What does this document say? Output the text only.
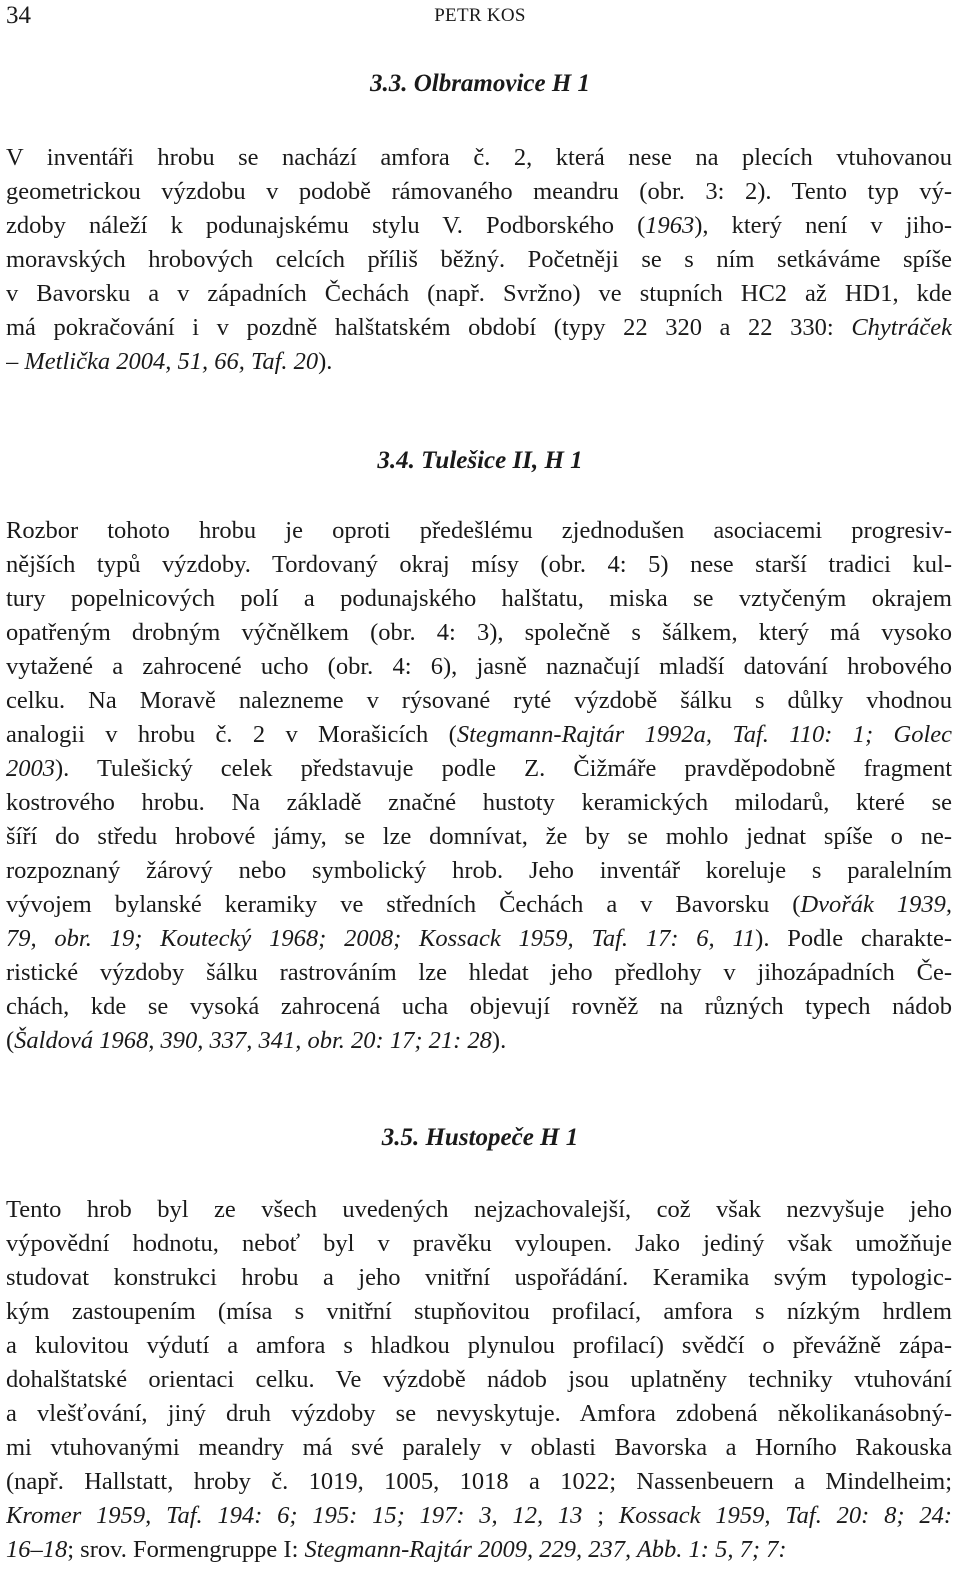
34	PETR KOS
3.3. Olbramovice H 1
V inventáři hrobu se nachází amfora č. 2, která nese na plecích vtuhovanou
geometrickou výzdobu v podobě rámovaného meandru (obr. 3: 2). Tento typ vý-
zdoby náleží k podunajskému stylu V. Podborského (1963), který není v jiho-
moravských hrobových celcích příliš běžný. Početněji se s ním setkáváme spíše
v Bavorsku a v západních Čechách (např. Svržno) ve stupních HC2 až HD1, kde
má pokračování i v pozdně halštatském období (typy 22 320 a 22 330: Chytráček
– Metlička 2004, 51, 66, Taf. 20).
3.4. Tulešice II, H 1
Rozbor tohoto hrobu je oproti předešlému zjednodušen asociacemi progresiv-
nějších typů výzdoby. Tordovaný okraj mísy (obr. 4: 5) nese starší tradici kul-
tury popelnicových polí a podunajského halštatu, miska se vztyčeným okrajem
opatřeným drobným výčnělkem (obr. 4: 3), společně s šálkem, který má vysoko
vytažené a zahrocené ucho (obr. 4: 6), jasně naznačují mladší datování hrobového
celku. Na Moravě nalezneme v rýsované ryté výzdobě šálku s důlky vhodnou
analogii v hrobu č. 2 v Morašicích (Stegmann-Rajtár 1992a, Taf. 110: 1; Golec
2003). Tulešický celek představuje podle Z. Čižmáře pravděpodobně fragment
kostrového hrobu. Na základě značné hustoty keramických milodarů, které se
šíří do středu hrobové jámy, se lze domnívat, že by se mohlo jednat spíše o ne-
rozpoznaný žárový nebo symbolický hrob. Jeho inventář koreluje s paralelním
vývojem bylanské keramiky ve středních Čechách a v Bavorsku (Dvořák 1939,
79, obr. 19; Koutecký 1968; 2008; Kossack 1959, Taf. 17: 6, 11). Podle charakte-
ristické výzdoby šálku rastrováním lze hledat jeho předlohy v jihozápadních Če-
chách, kde se vysoká zahrocená ucha objevují rovněž na různých typech nádob
(Šaldová 1968, 390, 337, 341, obr. 20: 17; 21: 28).
3.5. Hustopeče H 1
Tento hrob byl ze všech uvedených nejzachovalejší, což však nezvyšuje jeho
výpovědní hodnotu, neboť byl v pravěku vyloupen. Jako jediný však umožňuje
studovat konstrukci hrobu a jeho vnitřní uspořádání. Keramika svým typologic-
kým zastoupením (mísa s vnitřní stupňovitou profilací, amfora s nízkým hrdlem
a kulovitou výdutí a amfora s hladkou plynulou profilací) svědčí o převážně zápa-
dohalštatské orientaci celku. Ve výzdobě nádob jsou uplatněny techniky vtuhování
a vlešťování, jiný druh výzdoby se nevyskytuje. Amfora zdobená několikanásobný-
mi vtuhovanými meandry má své paralely v oblasti Bavorska a Horního Rakouska
(např. Hallstatt, hroby č. 1019, 1005, 1018 a 1022; Nassenbeuern a Mindelheim;
Kromer 1959, Taf. 194: 6; 195: 15; 197: 3, 12, 13 ; Kossack 1959, Taf. 20: 8; 24:
16–18; srov. Formengruppe I: Stegmann-Rajtár 2009, 229, 237, Abb. 1: 5, 7; 7:
